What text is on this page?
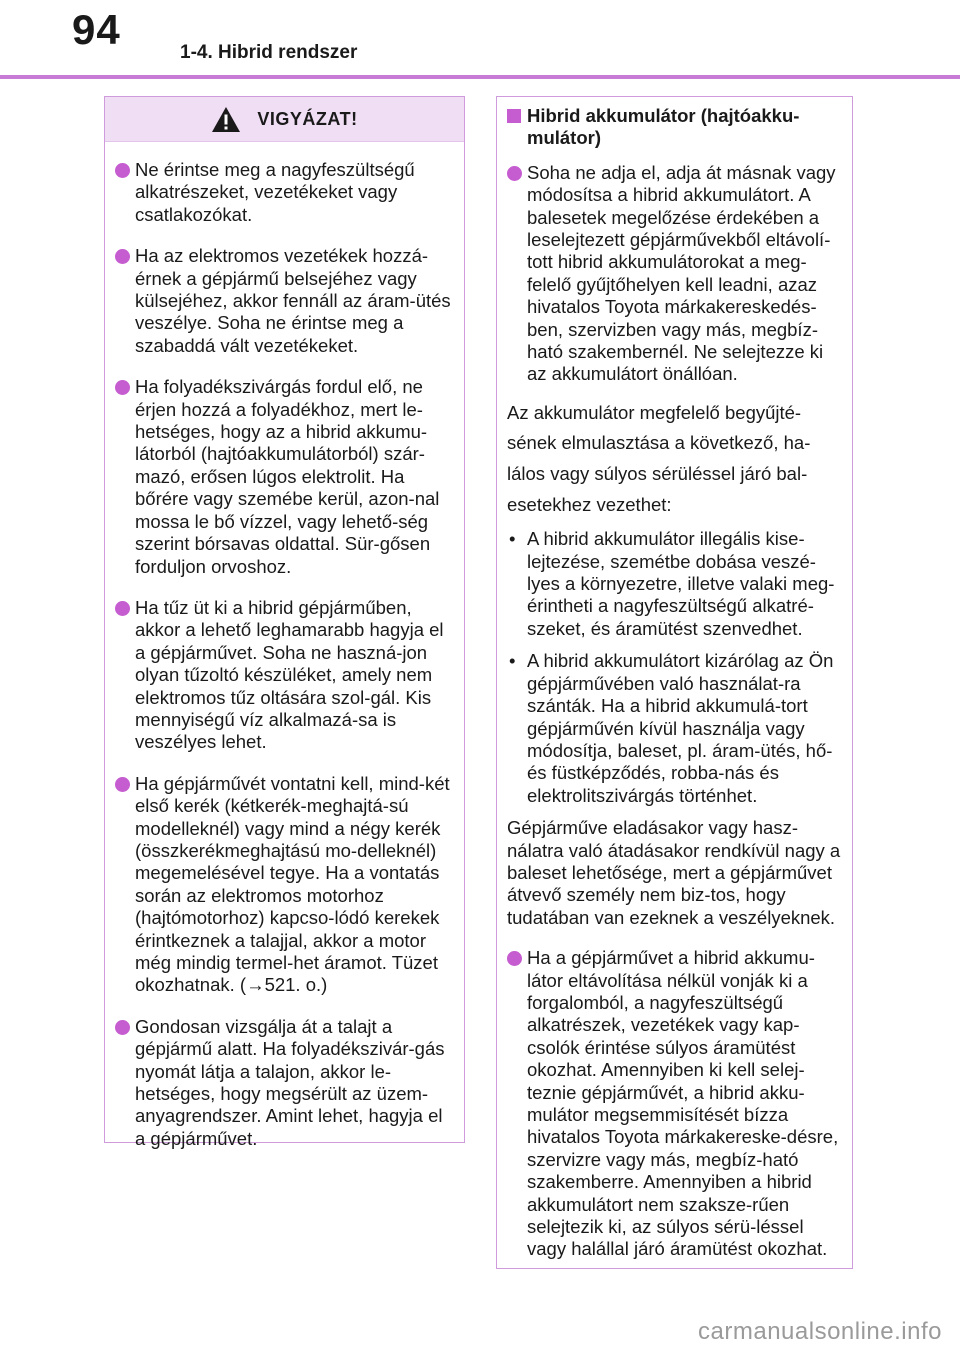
94	1-4. Hibrid rendszer
VIGYÁZAT!
Ne érintse meg a nagyfeszültségű alkatrészeket, vezetékeket vagy csatlakozókat.
Ha az elektromos vezetékek hozzá-érnek a gépjármű belsejéhez vagy külsejéhez, akkor fennáll az áram-ütés veszélye. Soha ne érintse meg a szabaddá vált vezetékeket.
Ha folyadékszivárgás fordul elő, ne érjen hozzá a folyadékhoz, mert le-hetséges, hogy az a hibrid akkumu-látorból (hajtóakkumulátorból) szár-mazó, erősen lúgos elektrolit. Ha bőrére vagy szemébe kerül, azon-nal mossa le bő vízzel, vagy lehető-ség szerint bórsavas oldattal. Sür-gősen forduljon orvoshoz.
Ha tűz üt ki a hibrid gépjárműben, akkor a lehető leghamarabb hagyja el a gépjárművet. Soha ne haszná-jon olyan tűzoltó készüléket, amely nem elektromos tűz oltására szol-gál. Kis mennyiségű víz alkalmazá-sa is veszélyes lehet.
Ha gépjárművét vontatni kell, mind-két első kerék (kétkerék-meghajtá-sú modelleknél) vagy mind a négy kerék (összkerékmeghajtású mo-delleknél) megemelésével tegye. Ha a vontatás során az elektromos motorhoz (hajtómotorhoz) kapcso-lódó kerekek érintkeznek a talajjal, akkor a motor még mindig termel-het áramot. Tüzet okozhatnak. (→521. o.)
Gondosan vizsgálja át a talajt a gépjármű alatt. Ha folyadékszivár-gás nyomát látja a talajon, akkor le-hetséges, hogy megsérült az üzem-anyagrendszer. Amint lehet, hagyja el a gépjárművet.
Hibrid akkumulátor (hajtóakku-mulátor)
Soha ne adja el, adja át másnak vagy módosítsa a hibrid akkumulátort. A balesetek megelőzése érdekében a leselejtezett gépjárművekből eltávolí-tott hibrid akkumulátorokat a meg-felelő gyűjtőhelyen kell leadni, azaz hivatalos Toyota márkakereskedés-ben, szervizben vagy más, megbíz-ható szakembernél. Ne selejtezze ki az akkumulátort önállóan.

Az akkumulátor megfelelő begyűjté-sének elmulasztása a következő, ha-lálos vagy súlyos sérüléssel járó bal-esetekhez vezethet:

• A hibrid akkumulátor illegális kise-lejtezése, szemétbe dobása veszé-lyes a környezetre, illetve valaki meg-érintheti a nagyfeszültségű alkatré-szeket, és áramütést szenvedhet.
• A hibrid akkumulátort kizárólag az Ön gépjárművében való használat-ra szánták. Ha a hibrid akkumulá-tort gépjárművén kívül használja vagy módosítja, baleset, pl. áram-ütés, hő- és füstképződés, robba-nás és elektrolitszivárgás történhet.

Gépjárműve eladásakor vagy hasz-nálatra való átadásakor rendkívül nagy a baleset lehetősége, mert a gépjárművet átvevő személy nem biz-tos, hogy tudatában van ezeknek a veszélyeknek.

Ha a gépjárművet a hibrid akkumu-látor eltávolítása nélkül vonják ki a forgalomból, a nagyfeszültségű alkatrészek, vezetékek vagy kap-csolók érintése súlyos áramütést okozhat. Amennyiben ki kell selej-teznie gépjárművét, a hibrid akku-mulátor megsemmisítését bízza hivatalos Toyota márkakereske-désre, szervizre vagy más, megbíz-ható szakemberre. Amennyiben a hibrid akkumulátort nem szaksze-rűen selejtezik ki, az súlyos sérü-léssel vagy halállal járó áramütést okozhat.
carmanualsonline.info
